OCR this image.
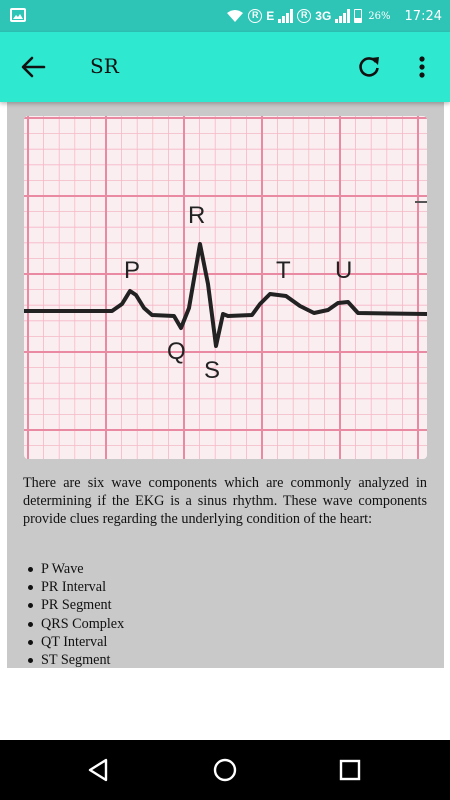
R E	R 3G	26% 17:24
SR
R
P	T U
Q
S

There are six wave components which are commonly analyzed in determining if the EKG is a sinus rhythm. These wave components provide clues regarding the underlying condition of the heart:

P Wave
PR Interval
PR Segment
QRS Complex
QT Interval
ST Segment
